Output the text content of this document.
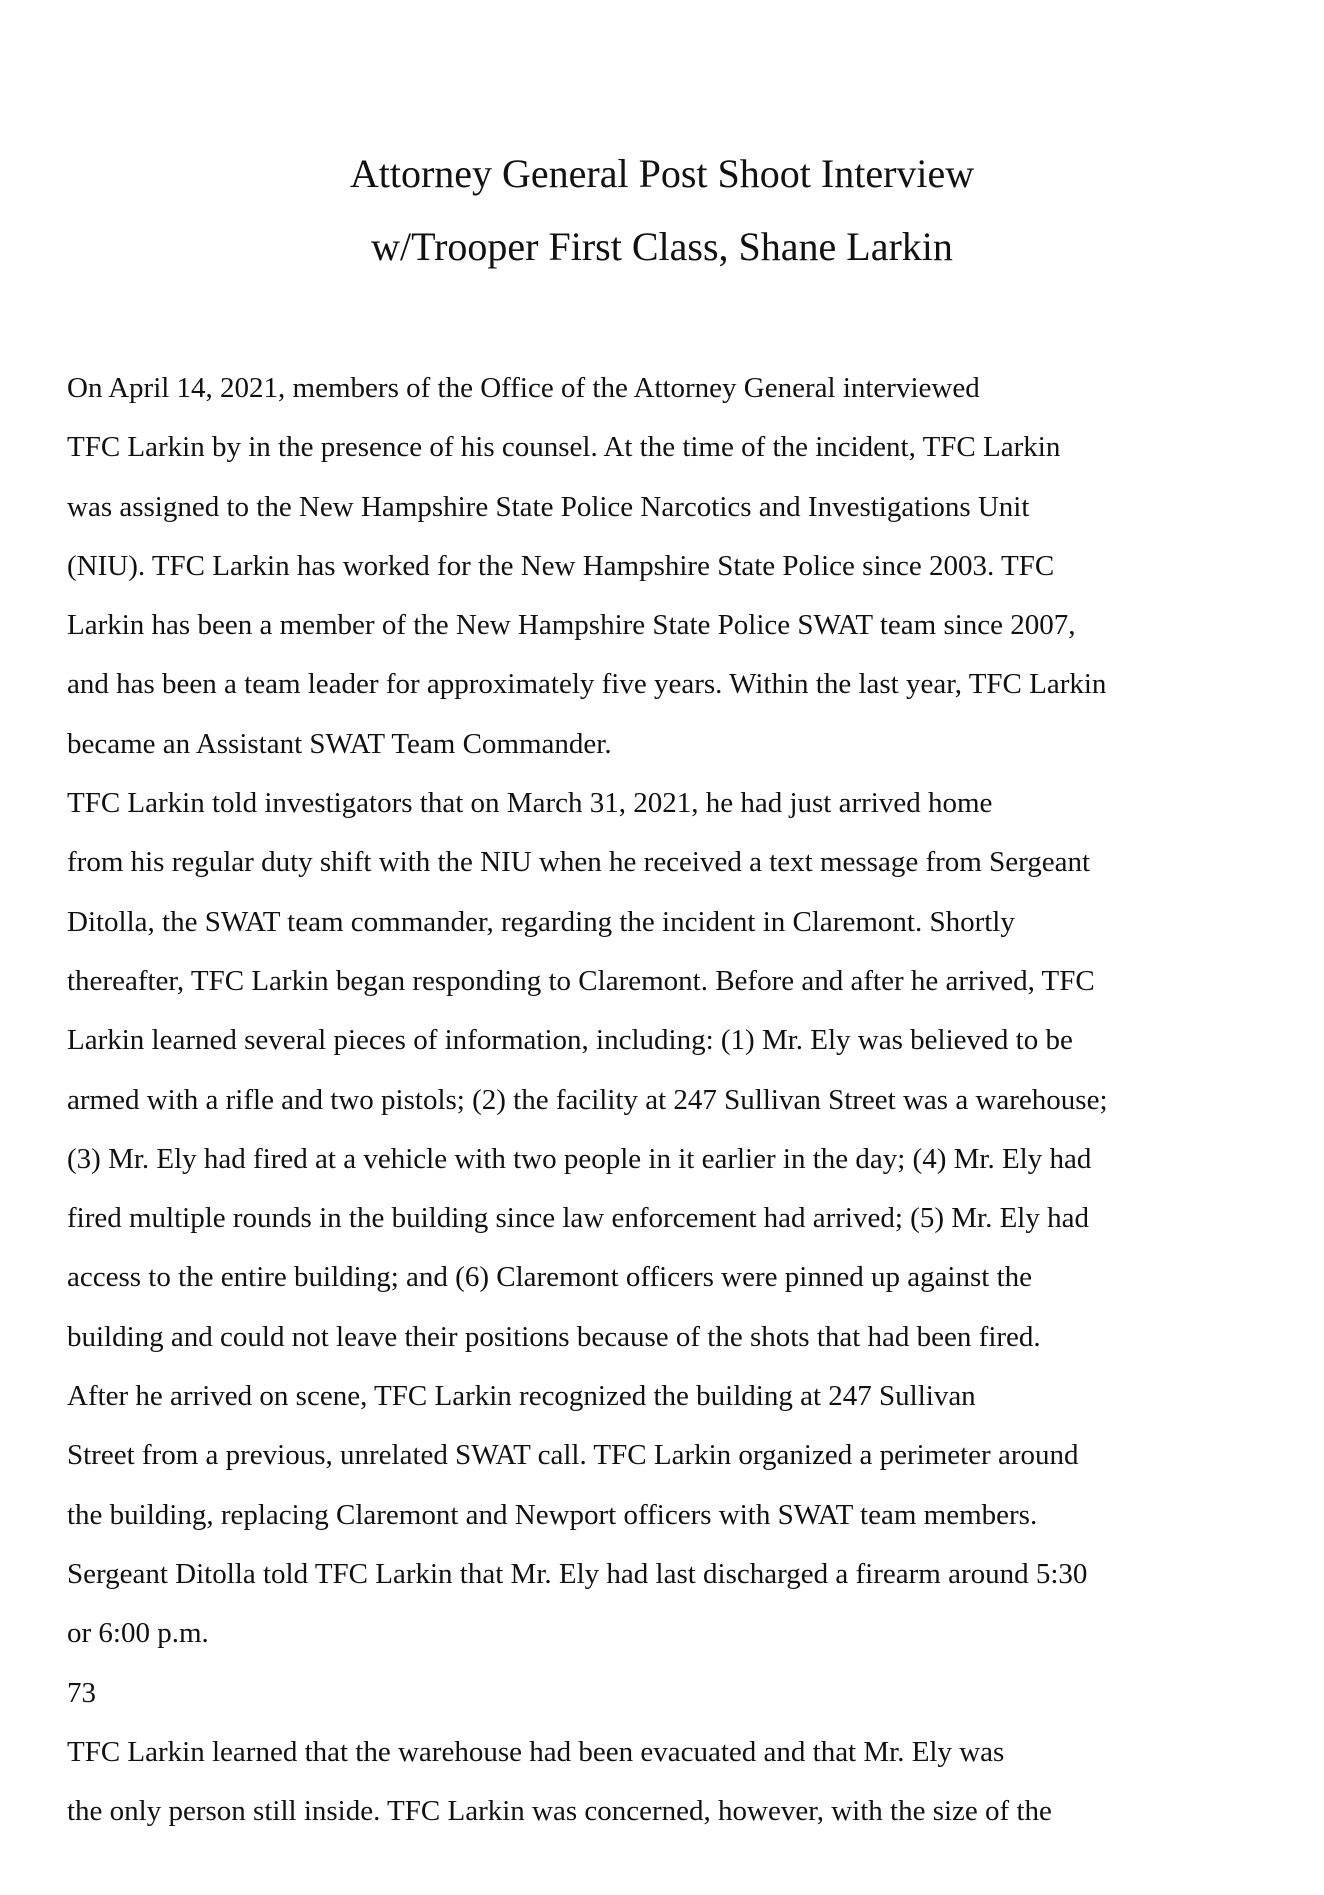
Attorney General Post Shoot Interview
w/Trooper First Class, Shane Larkin
On April 14, 2021, members of the Office of the Attorney General interviewed
TFC Larkin by in the presence of his counsel. At the time of the incident, TFC Larkin
was assigned to the New Hampshire State Police Narcotics and Investigations Unit
(NIU). TFC Larkin has worked for the New Hampshire State Police since 2003. TFC
Larkin has been a member of the New Hampshire State Police SWAT team since 2007,
and has been a team leader for approximately five years. Within the last year, TFC Larkin
became an Assistant SWAT Team Commander.
TFC Larkin told investigators that on March 31, 2021, he had just arrived home
from his regular duty shift with the NIU when he received a text message from Sergeant
Ditolla, the SWAT team commander, regarding the incident in Claremont. Shortly
thereafter, TFC Larkin began responding to Claremont. Before and after he arrived, TFC
Larkin learned several pieces of information, including: (1) Mr. Ely was believed to be
armed with a rifle and two pistols; (2) the facility at 247 Sullivan Street was a warehouse;
(3) Mr. Ely had fired at a vehicle with two people in it earlier in the day; (4) Mr. Ely had
fired multiple rounds in the building since law enforcement had arrived; (5) Mr. Ely had
access to the entire building; and (6) Claremont officers were pinned up against the
building and could not leave their positions because of the shots that had been fired.
After he arrived on scene, TFC Larkin recognized the building at 247 Sullivan
Street from a previous, unrelated SWAT call. TFC Larkin organized a perimeter around
the building, replacing Claremont and Newport officers with SWAT team members.
Sergeant Ditolla told TFC Larkin that Mr. Ely had last discharged a firearm around 5:30
or 6:00 p.m.
73
TFC Larkin learned that the warehouse had been evacuated and that Mr. Ely was
the only person still inside. TFC Larkin was concerned, however, with the size of the
